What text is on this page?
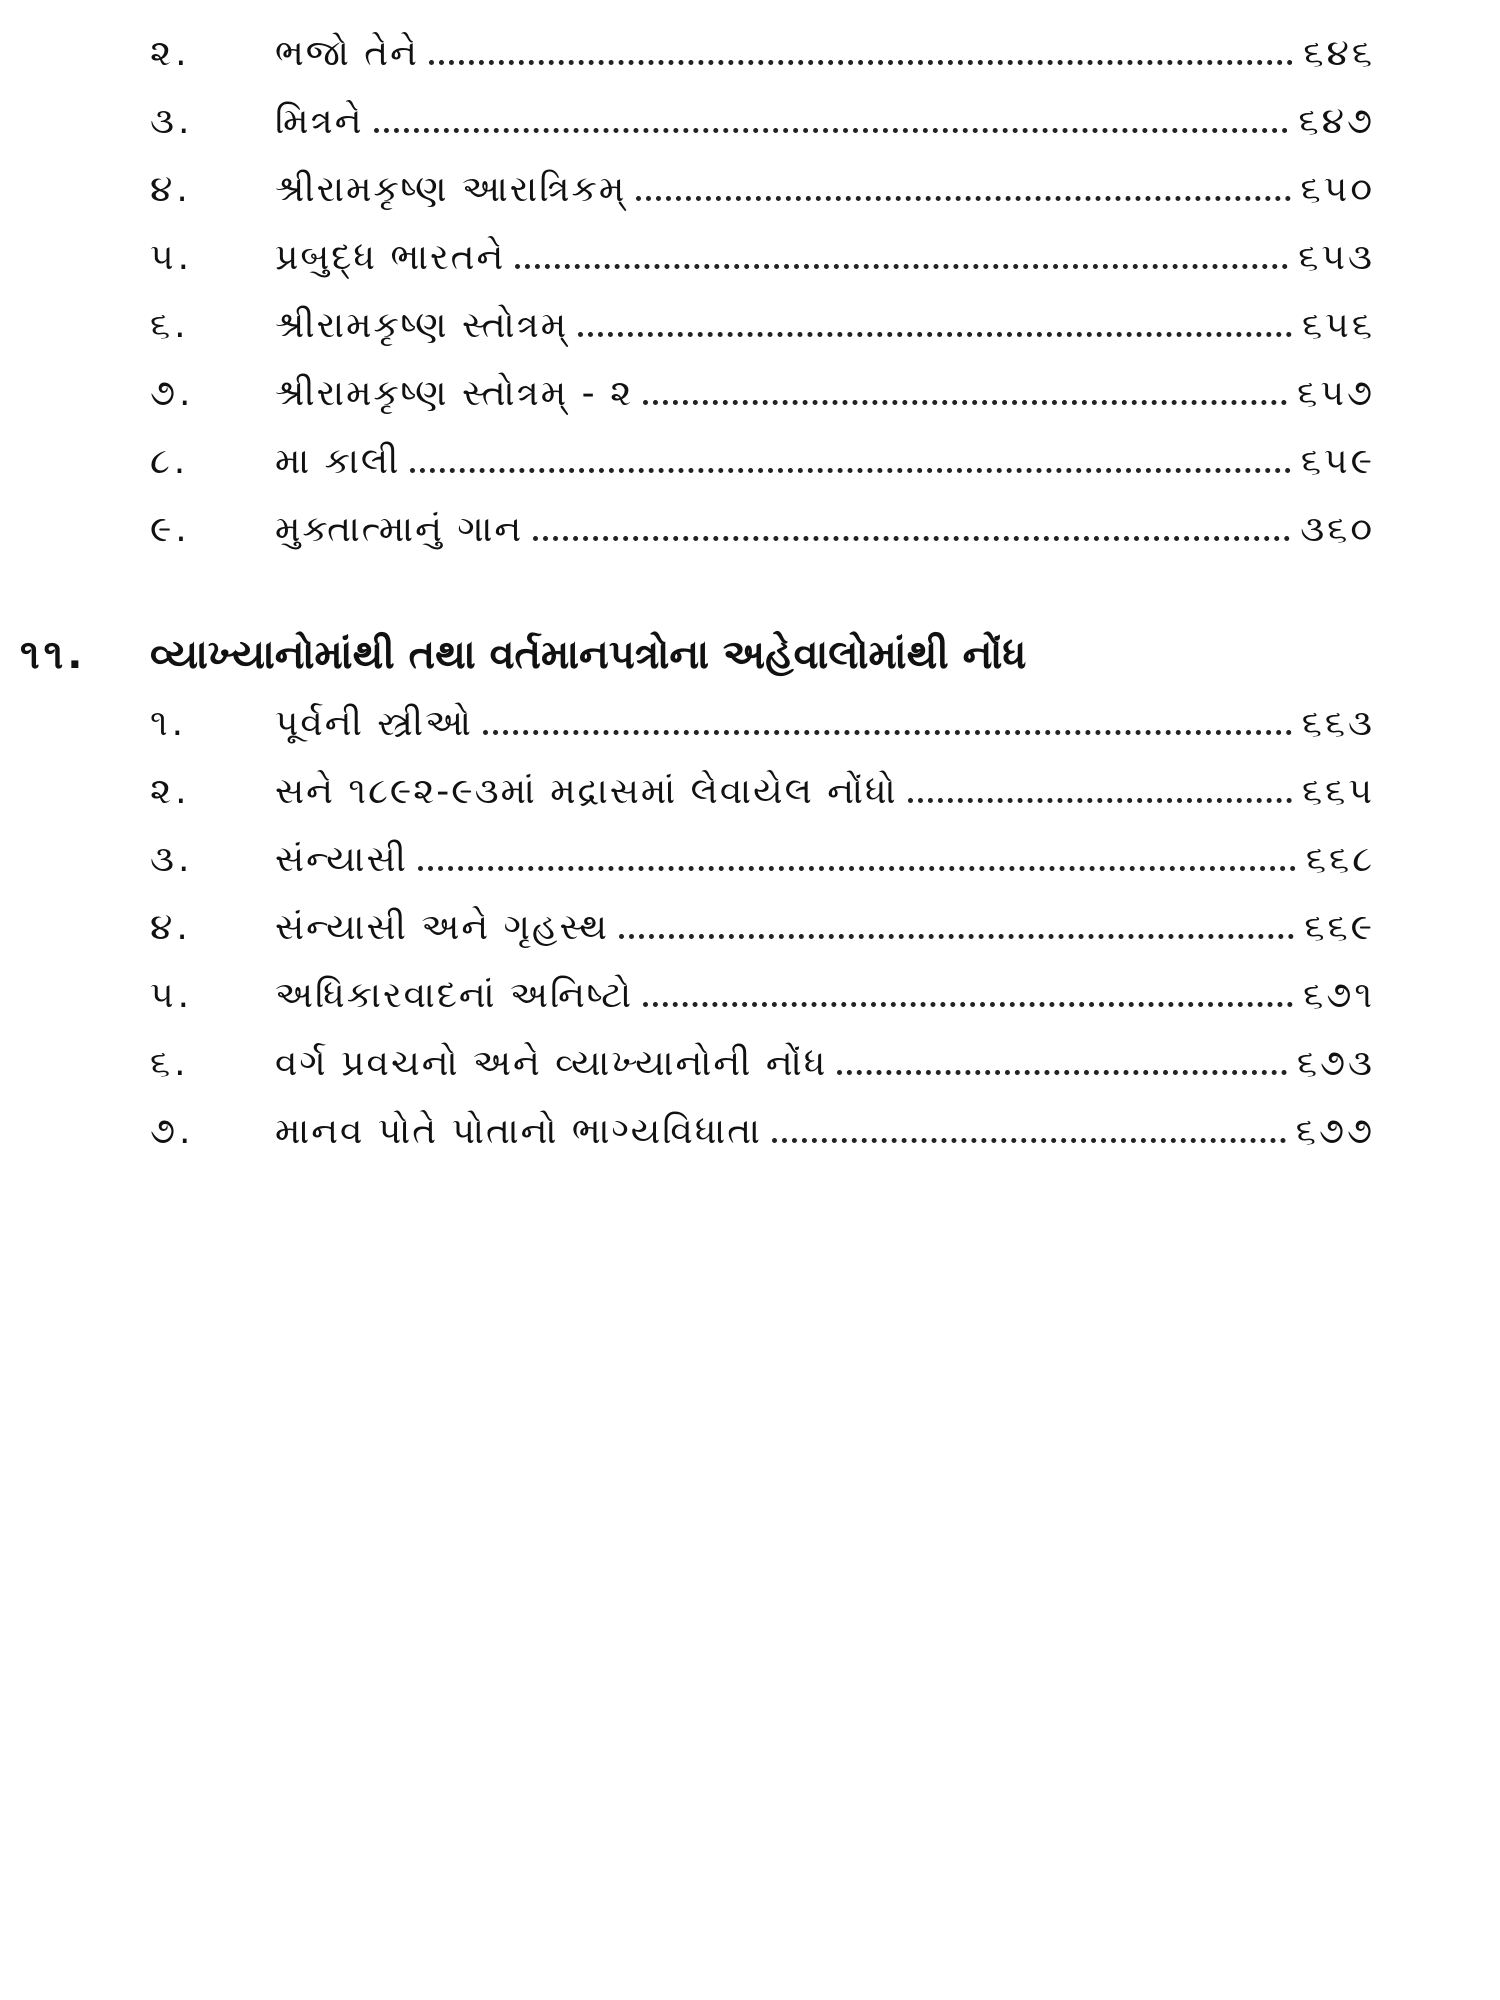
૨.	ભજો તેને	૬૪૬
૩.	મિત્રને	૬૪૭
૪.	શ્રીરામકૃષ્ણ આરાત્રિકમ્	૬૫૦
૫.	પ્રબુદ્ધ ભારતને	૬૫૩
૬.	શ્રીરામકૃષ્ણ સ્તોત્રમ્	૬૫૬
૭.	શ્રીરામકૃષ્ણ સ્તોત્રમ્ - ૨	૬૫૭
૮.	મા કાલી	૬૫૯
૯.	મુક્તાત્માનું ગાન	૩૬૦
૧૧.	વ્યાખ્યાનોમાંથી તથા વર્તમાનપત્રોના અહેવાલોમાંથી નોંધ
૧.	પૂર્વની સ્ત્રીઓ	૬૬૩
૨.	સને ૧૮૯૨-૯૩માં મદ્રાસમાં લેવાયેલ નોંધો	૬૬૫
૩.	સંન્યાસી	૬૬૮
૪.	સંન્યાસી અને ગૃહસ્થ	૬૬૯
૫.	અધિકારવાદનાં અનિષ્ટો	૬૭૧
૬.	વર્ગ પ્રવચનો અને વ્યાખ્યાનોની નોંધ	૬૭૩
૭.	માનવ પોતે પોતાનો ભાગ્યવિધાતા	૬૭૭
